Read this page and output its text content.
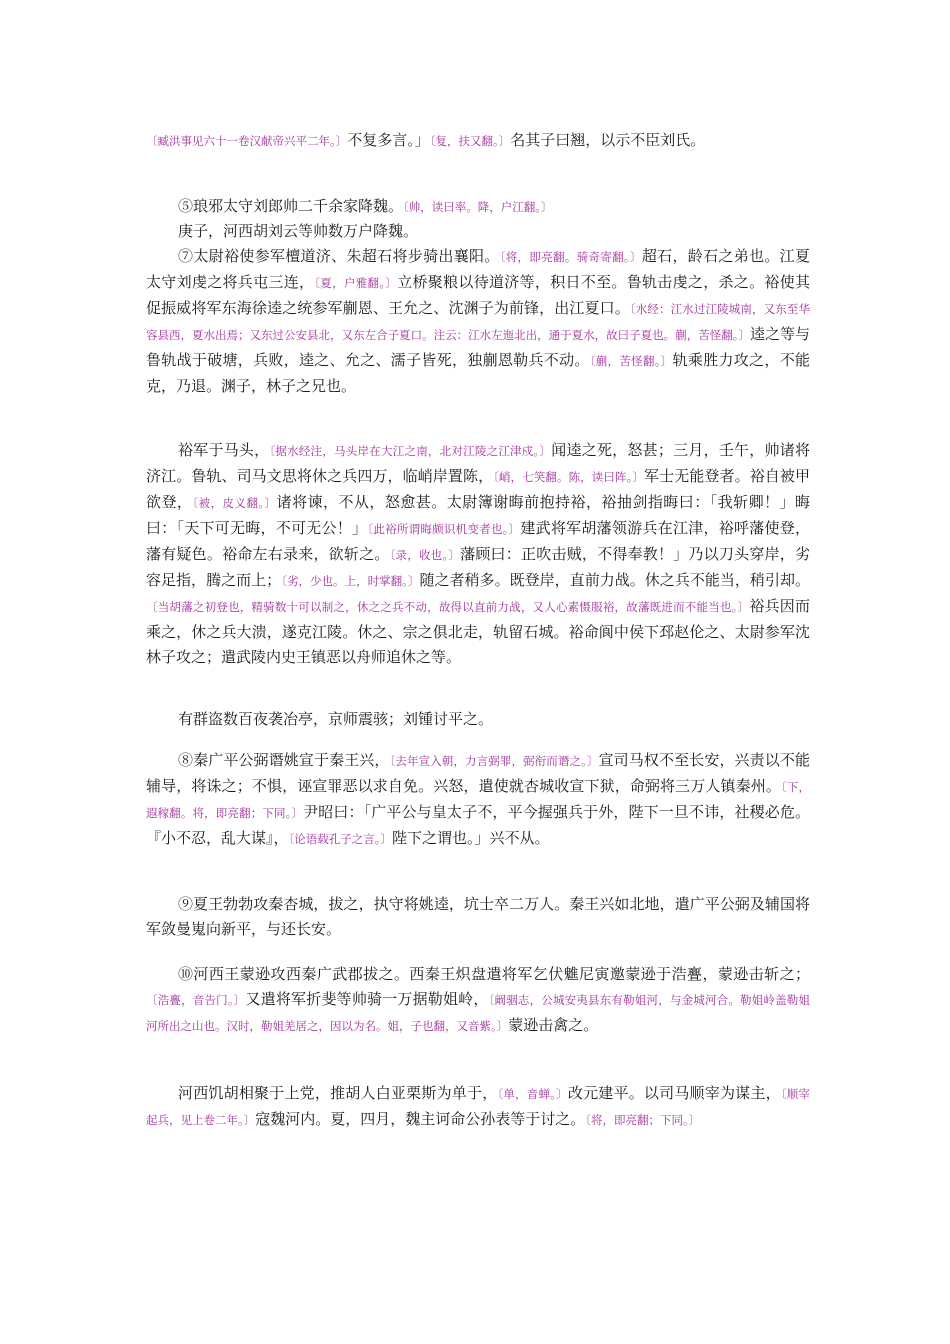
〔臧洪事见六十一卷汉献帝兴平二年。〕不复多言。」〔复，扶又翻。〕名其子曰翘，以示不臣刘氏。

⑤琅邪太守刘郎帅二千余家降魏。〔帅，读曰率。降，户江翻。〕

庚子，河西胡刘云等帅数万户降魏。

⑦太尉裕使参军檀道济、朱超石将步骑出襄阳。〔将，即亮翻。骑奇寄翻。〕超石，龄石之弟也。江夏太守刘虔之将兵屯三连，〔夏，户雅翻。〕立桥聚粮以待道济等，积日不至。鲁轨击虔之，杀之。裕使其促振威将军东海徐逵之统参军蒯恩、王允之、沈渊子为前锋，出江夏口。〔水经：江水过江陵城南，又东至华容县西，夏水出焉；又东过公安县北，又东左合子夏口。注云：江水左迤北出，通于夏水，故曰子夏也。蒯，苦怪翻。〕逵之等与鲁轨战于破塘，兵败，逵之、允之、濡子皆死，独蒯恩勒兵不动。〔蒯，苦怪翻。〕轨乘胜力攻之，不能克，乃退。渊子，林子之兄也。

裕军于马头，〔据水经注，马头岸在大江之南，北对江陵之江津戍。〕闻逵之死，怒甚；三月，壬午，帅诸将济江。鲁轨、司马文思将休之兵四万，临峭岸置陈，〔峭，七笑翻。陈，读曰阵。〕军士无能登者。裕自被甲欲登，〔被，皮义翻。〕诸将谏，不从，怒愈甚。太尉簿谢晦前抱持裕，裕抽剑指晦曰：「我斩卿！」晦曰：「天下可无晦，不可无公！」〔此裕所谓晦颇识机变者也。〕建武将军胡藩领游兵在江津，裕呼藩使登，藩有疑色。裕命左右录来，欲斩之。〔录，收也。〕藩顾曰：正吹击贼，不得奉教！」乃以刀头穿岸，劣容足指，腾之而上；〔劣，少也。上，时掌翻。〕随之者稍多。既登岸，直前力战。休之兵不能当，稍引却。〔当胡藩之初登也，精骑数十可以制之，休之之兵不动，故得以直前力战，又人心素慑服裕，故藩既进而不能当也。〕裕兵因而乘之，休之兵大溃，遂克江陵。休之、宗之俱北走，轨留石城。裕命阆中侯下邳赵伦之、太尉参军沈林子攻之；遣武陵内史王镇恶以舟师追休之等。

有群盗数百夜袭冶亭，京师震骇；刘锺讨平之。

⑧秦广平公弼谮姚宣于秦王兴，〔去年宣入朝，力言弼罪，弼衔而谮之。〕宣司马权不至长安，兴责以不能辅导，将诛之；不惧，诬宣罪恶以求自免。兴怒，遣使就杏城收宣下狱，命弼将三万人镇秦州。〔下，遐稼翻。将，即亮翻；下同。〕尹昭曰：「广平公与皇太子不，平今握强兵于外，陛下一旦不讳，社稷必危。『小不忍，乱大谋』，〔论语载孔子之言。〕陛下之谓也。」兴不从。

⑨夏王勃勃攻秦杏城，拔之，执守将姚逵，坑士卒二万人。秦王兴如北地，遣广平公弼及辅国将军敛曼嵬向新平，与还长安。

⑩河西王蒙逊攻西秦广武郡拔之。西秦王炽盘遣将军乞伏魋尼寅邀蒙逊于浩亹，蒙逊击斩之；〔浩亹，音告门。〕又遣将军折斐等帅骑一万据勒姐岭，〔阚骃志，公城安夷县东有勒姐河，与金城河合。勒姐岭盖勒姐河所出之山也。汉时，勒姐羌居之，因以为名。姐，子也翻，又音紫。〕蒙逊击禽之。

河西饥胡相聚于上党，推胡人白亚栗斯为单于，〔单，音蝉。〕改元建平。以司马顺宰为谋主，〔顺宰起兵，见上卷二年。〕寇魏河内。夏，四月，魏主诃命公孙表等于讨之。〔将，即亮翻；下同。〕
